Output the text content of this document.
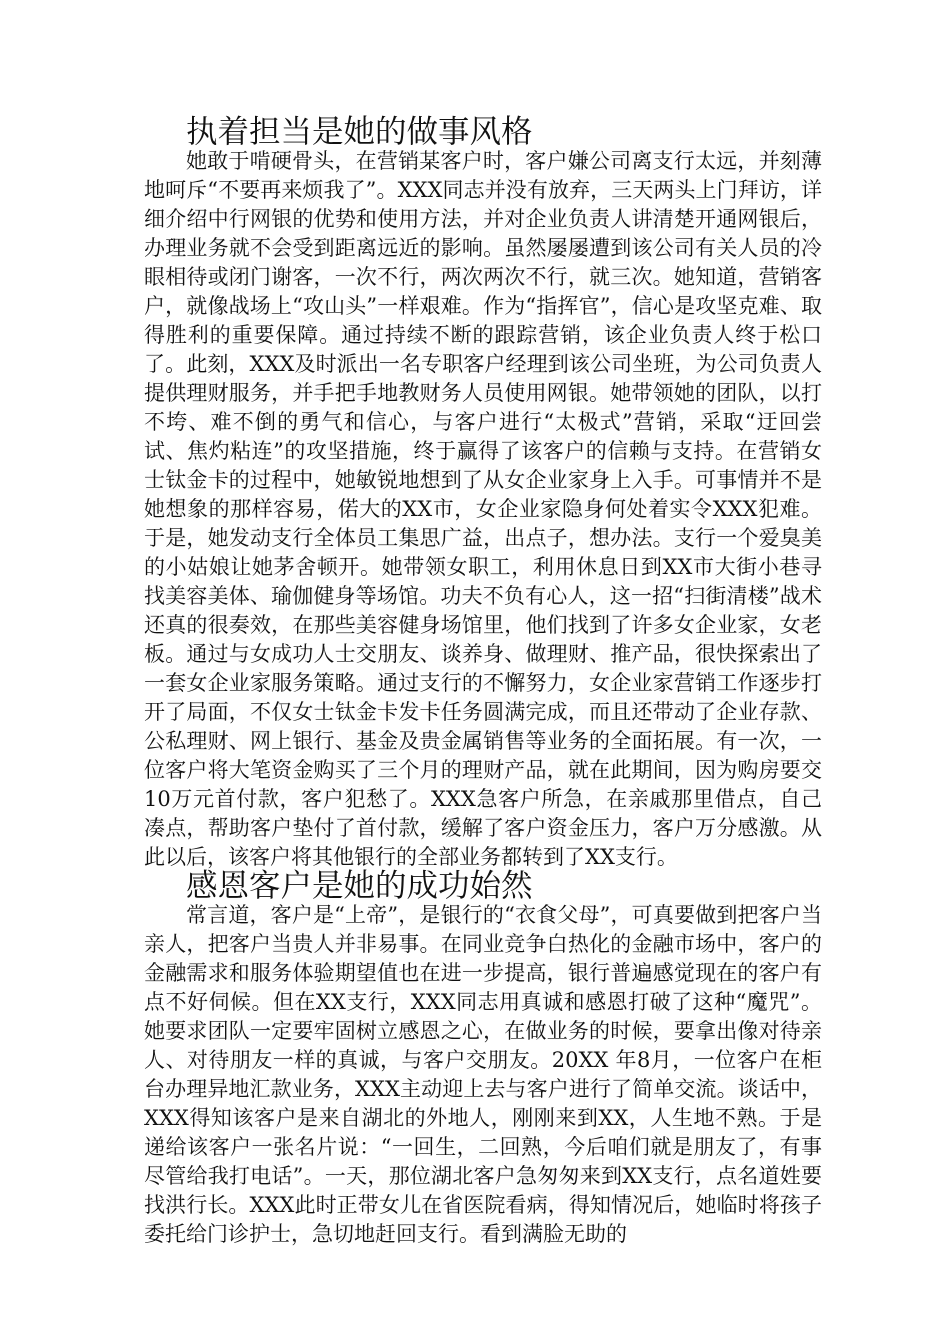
执着担当是她的做事风格

她敢于啃硬骨头，在营销某客户时，客户嫌公司离支行太远，并刻薄地呵斥“不要再来烦我了”。XXX同志并没有放弃，三天两头上门拜访，详细介绍中行网银的优势和使用方法，并对企业负责人讲清楚开通网银后，办理业务就不会受到距离远近的影响。虽然屡屡遭到该公司有关人员的冷眼相待或闭门谢客，一次不行，两次两次不行，就三次。她知道，营销客户，就像战场上“攻山头”一样艰难。作为“指挥官”，信心是攻坚克难、取得胜利的重要保障。通过持续不断的跟踪营销，该企业负责人终于松口了。此刻，XXX及时派出一名专职客户经理到该公司坐班，为公司负责人提供理财服务，并手把手地教财务人员使用网银。她带领她的团队，以打不垮、难不倒的勇气和信心，与客户进行“太极式”营销，采取“迂回尝试、焦灼粘连”的攻坚措施，终于赢得了该客户的信赖与支持。在营销女士钛金卡的过程中，她敏锐地想到了从女企业家身上入手。可事情并不是她想象的那样容易，偌大的XX市，女企业家隐身何处着实令XXX犯难。于是，她发动支行全体员工集思广益，出点子，想办法。支行一个爱臭美的小姑娘让她茅舍顿开。她带领女职工，利用休息日到XX市大街小巷寻找美容美体、瑜伽健身等场馆。功夫不负有心人，这一招“扫街清楼”战术还真的很奏效，在那些美容健身场馆里，他们找到了许多女企业家，女老板。通过与女成功人士交朋友、谈养身、做理财、推产品，很快探索出了一套女企业家服务策略。通过支行的不懈努力，女企业家营销工作逐步打开了局面，不仅女士钛金卡发卡任务圆满完成，而且还带动了企业存款、公私理财、网上银行、基金及贵金属销售等业务的全面拓展。有一次，一位客户将大笔资金购买了三个月的理财产品，就在此期间，因为购房要交10万元首付款，客户犯愁了。XXX急客户所急，在亲戚那里借点，自己凑点，帮助客户垫付了首付款，缓解了客户资金压力，客户万分感激。从此以后，该客户将其他银行的全部业务都转到了XX支行。

感恩客户是她的成功始然

常言道，客户是“上帝”，是银行的“衣食父母”，可真要做到把客户当亲人，把客户当贵人并非易事。在同业竞争白热化的金融市场中，客户的金融需求和服务体验期望值也在进一步提高，银行普遍感觉现在的客户有点不好伺候。但在XX支行，XXX同志用真诚和感恩打破了这种“魔咒”。她要求团队一定要牢固树立感恩之心，在做业务的时候，要拿出像对待亲人、对待朋友一样的真诚，与客户交朋友。20XX 年8月，一位客户在柜台办理异地汇款业务，XXX主动迎上去与客户进行了简单交流。谈话中，XXX得知该客户是来自湖北的外地人，刚刚来到XX，人生地不熟。于是递给该客户一张名片说：“一回生，二回熟，今后咱们就是朋友了，有事尽管给我打电话”。一天，那位湖北客户急匆匆来到XX支行，点名道姓要找洪行长。XXX此时正带女儿在省医院看病，得知情况后，她临时将孩子委托给门诊护士，急切地赶回支行。看到满脸无助的
